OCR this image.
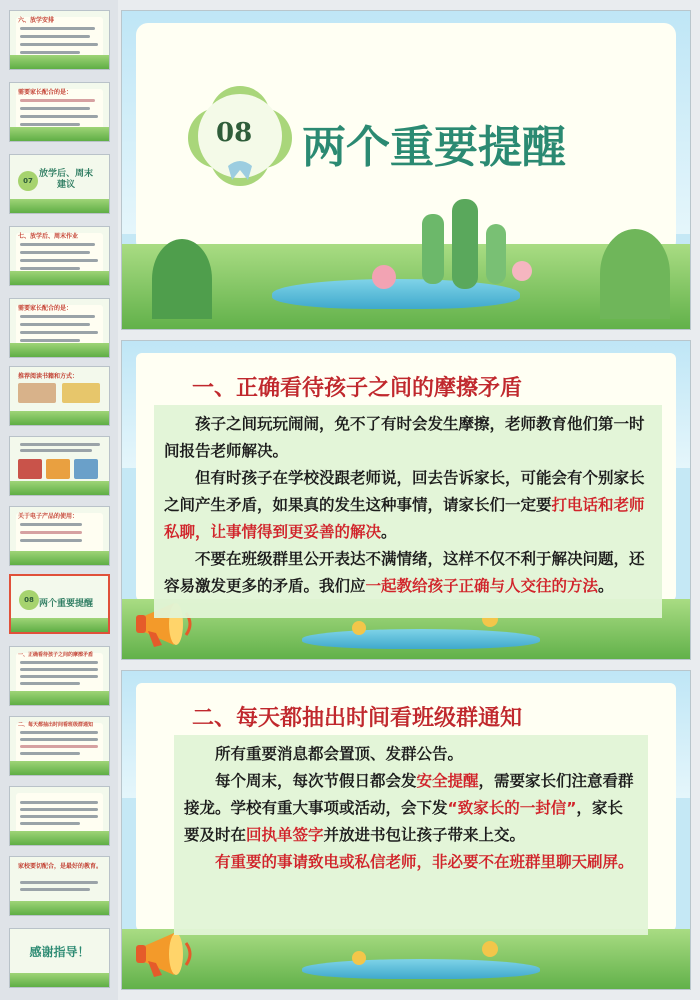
六、放学安排
需要家长配合的是：
07
放学后、周末建议
七、放学后、周末作业
需要家长配合的是：
推荐阅读书籍和方式：
关于电子产品的使用：
08 两个重要提醒
一、正确看待孩子之间的摩擦矛盾
二、每天都抽出时间看班级群通知
家校要切配合，是最好的教育。
感谢指导！
08 两个重要提醒
一、正确看待孩子之间的摩擦矛盾

孩子之间玩玩闹闹，免不了有时会发生摩擦，老师教育他们第一时间报告老师解决。

但有时孩子在学校没跟老师说，回去告诉家长，可能会有个别家长之间产生矛盾，如果真的发生这种事情，请家长们一定要打电话和老师私聊，让事情得到更妥善的解决。

不要在班级群里公开表达不满情绪，这样不仅不利于解决问题，还容易激发更多的矛盾。我们应一起教给孩子正确与人交往的方法。

二、每天都抽出时间看班级群通知

所有重要消息都会置顶、发群公告。

每个周末，每次节假日都会发安全提醒，需要家长们注意看群接龙。学校有重大事项或活动，会下发“致家长的一封信”，家长要及时在回执单签字并放进书包让孩子带来上交。

有重要的事请致电或私信老师，非必要不在班群里聊天刷屏。
